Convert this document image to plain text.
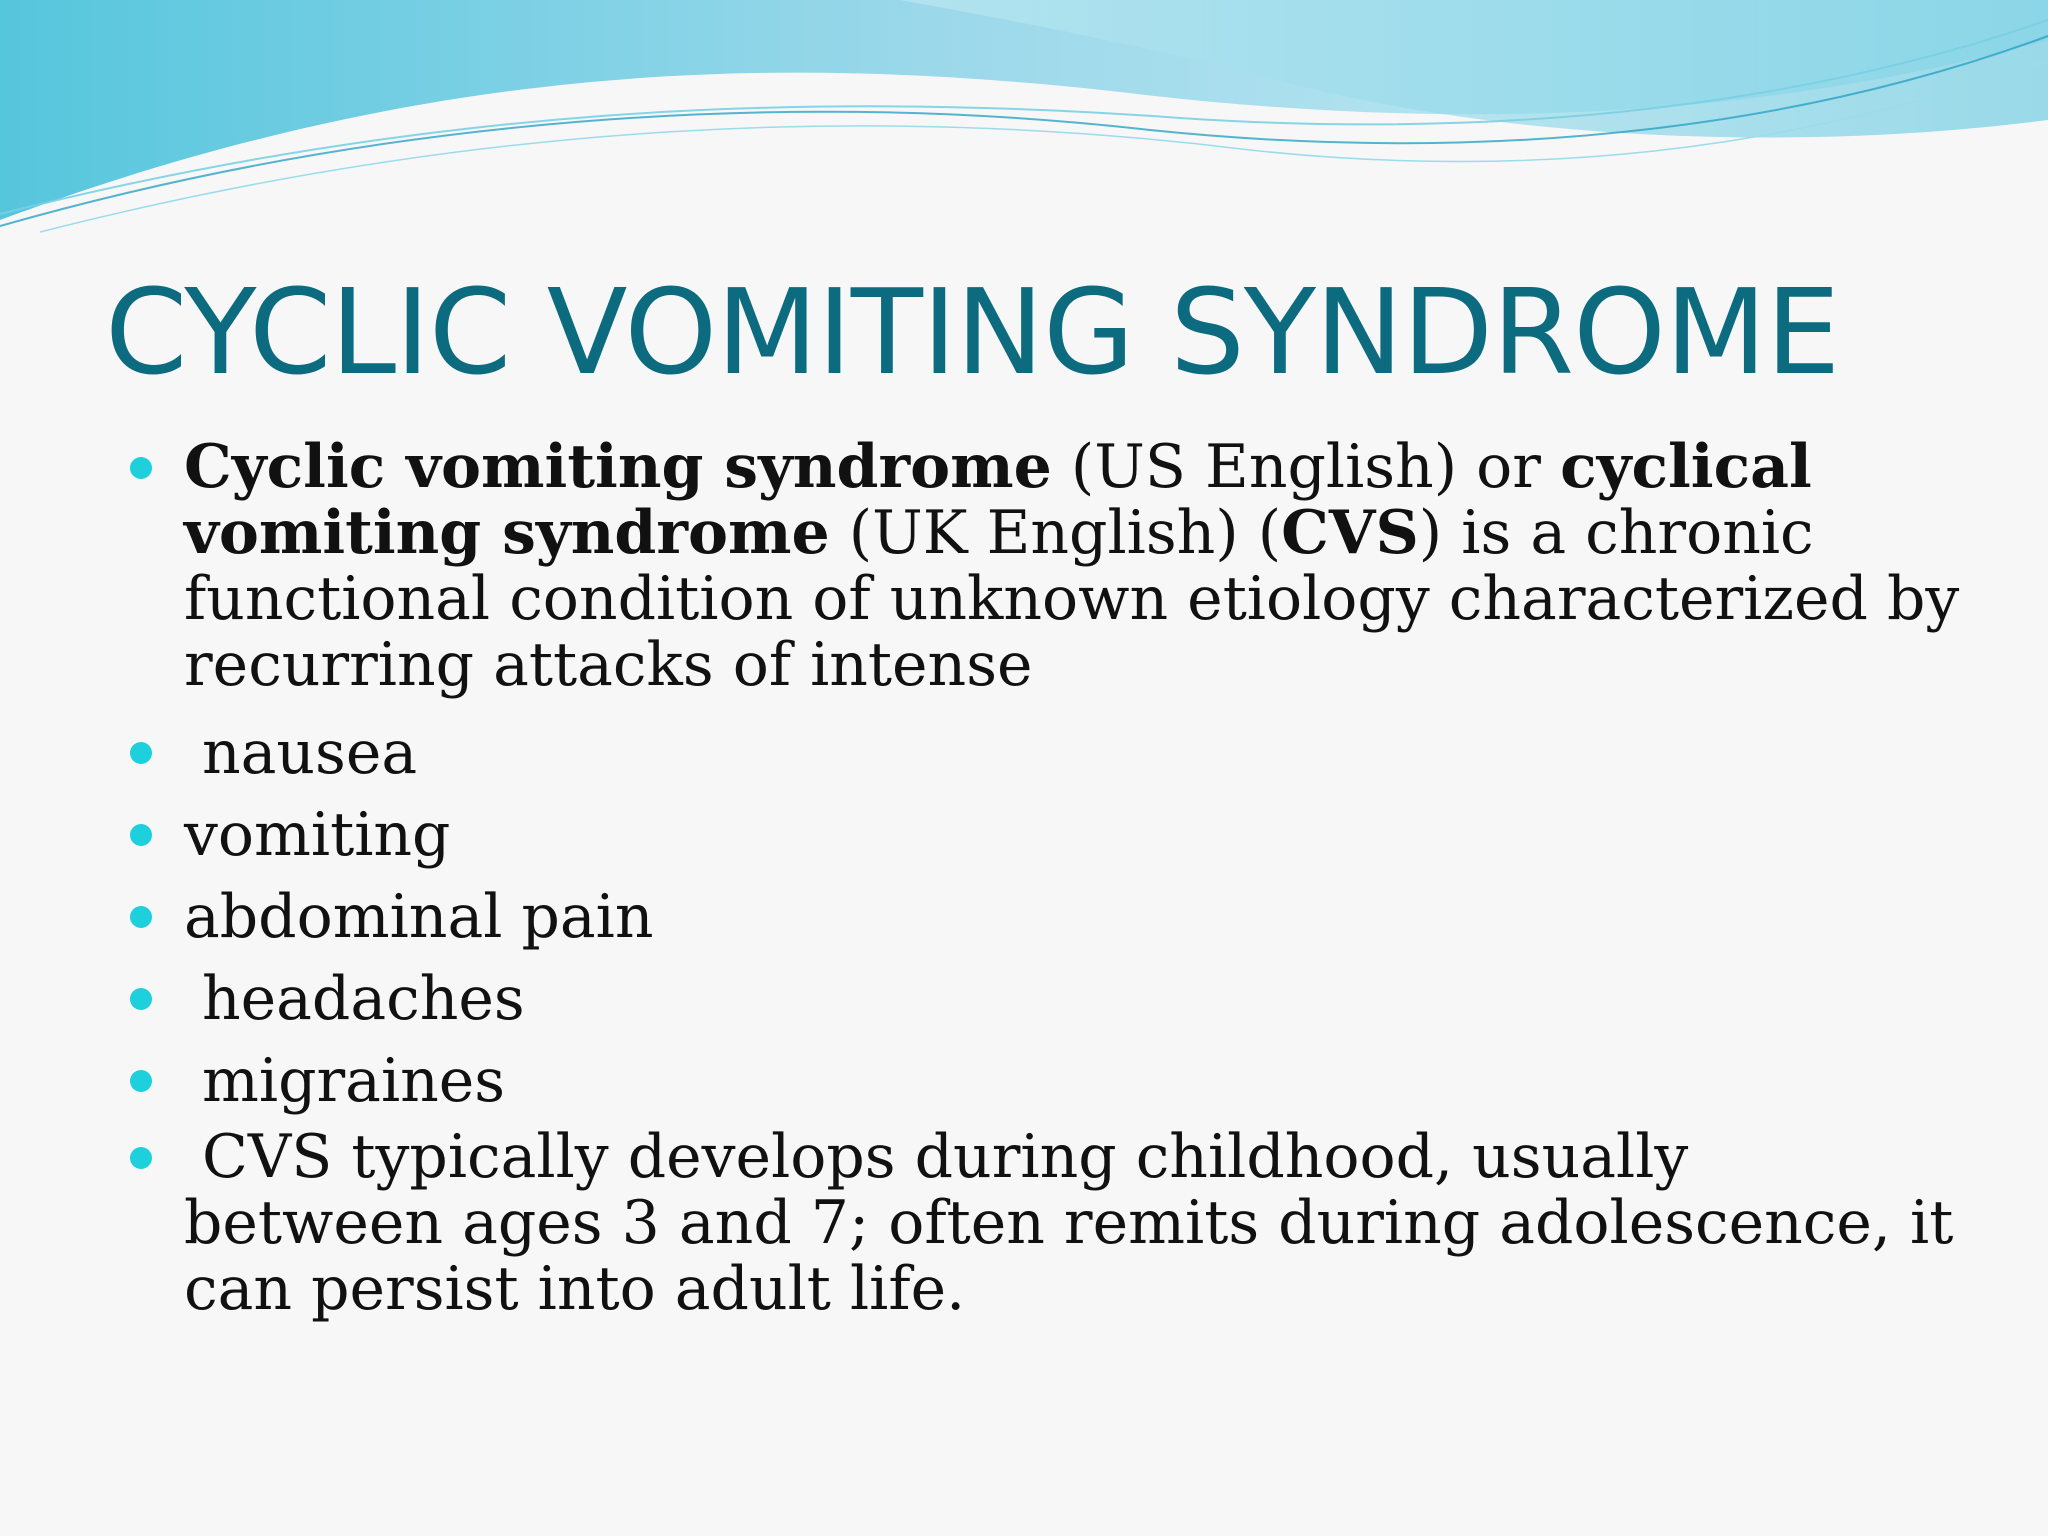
CYCLIC VOMITING SYNDROME
Cyclic vomiting syndrome (US English) or cyclical vomiting syndrome (UK English) (CVS) is a chronic functional condition of unknown etiology characterized by recurring attacks of intense
nausea
vomiting
abdominal pain
headaches
migraines
CVS typically develops during childhood, usually between ages 3 and 7; often remits during adolescence, it can persist into adult life.
